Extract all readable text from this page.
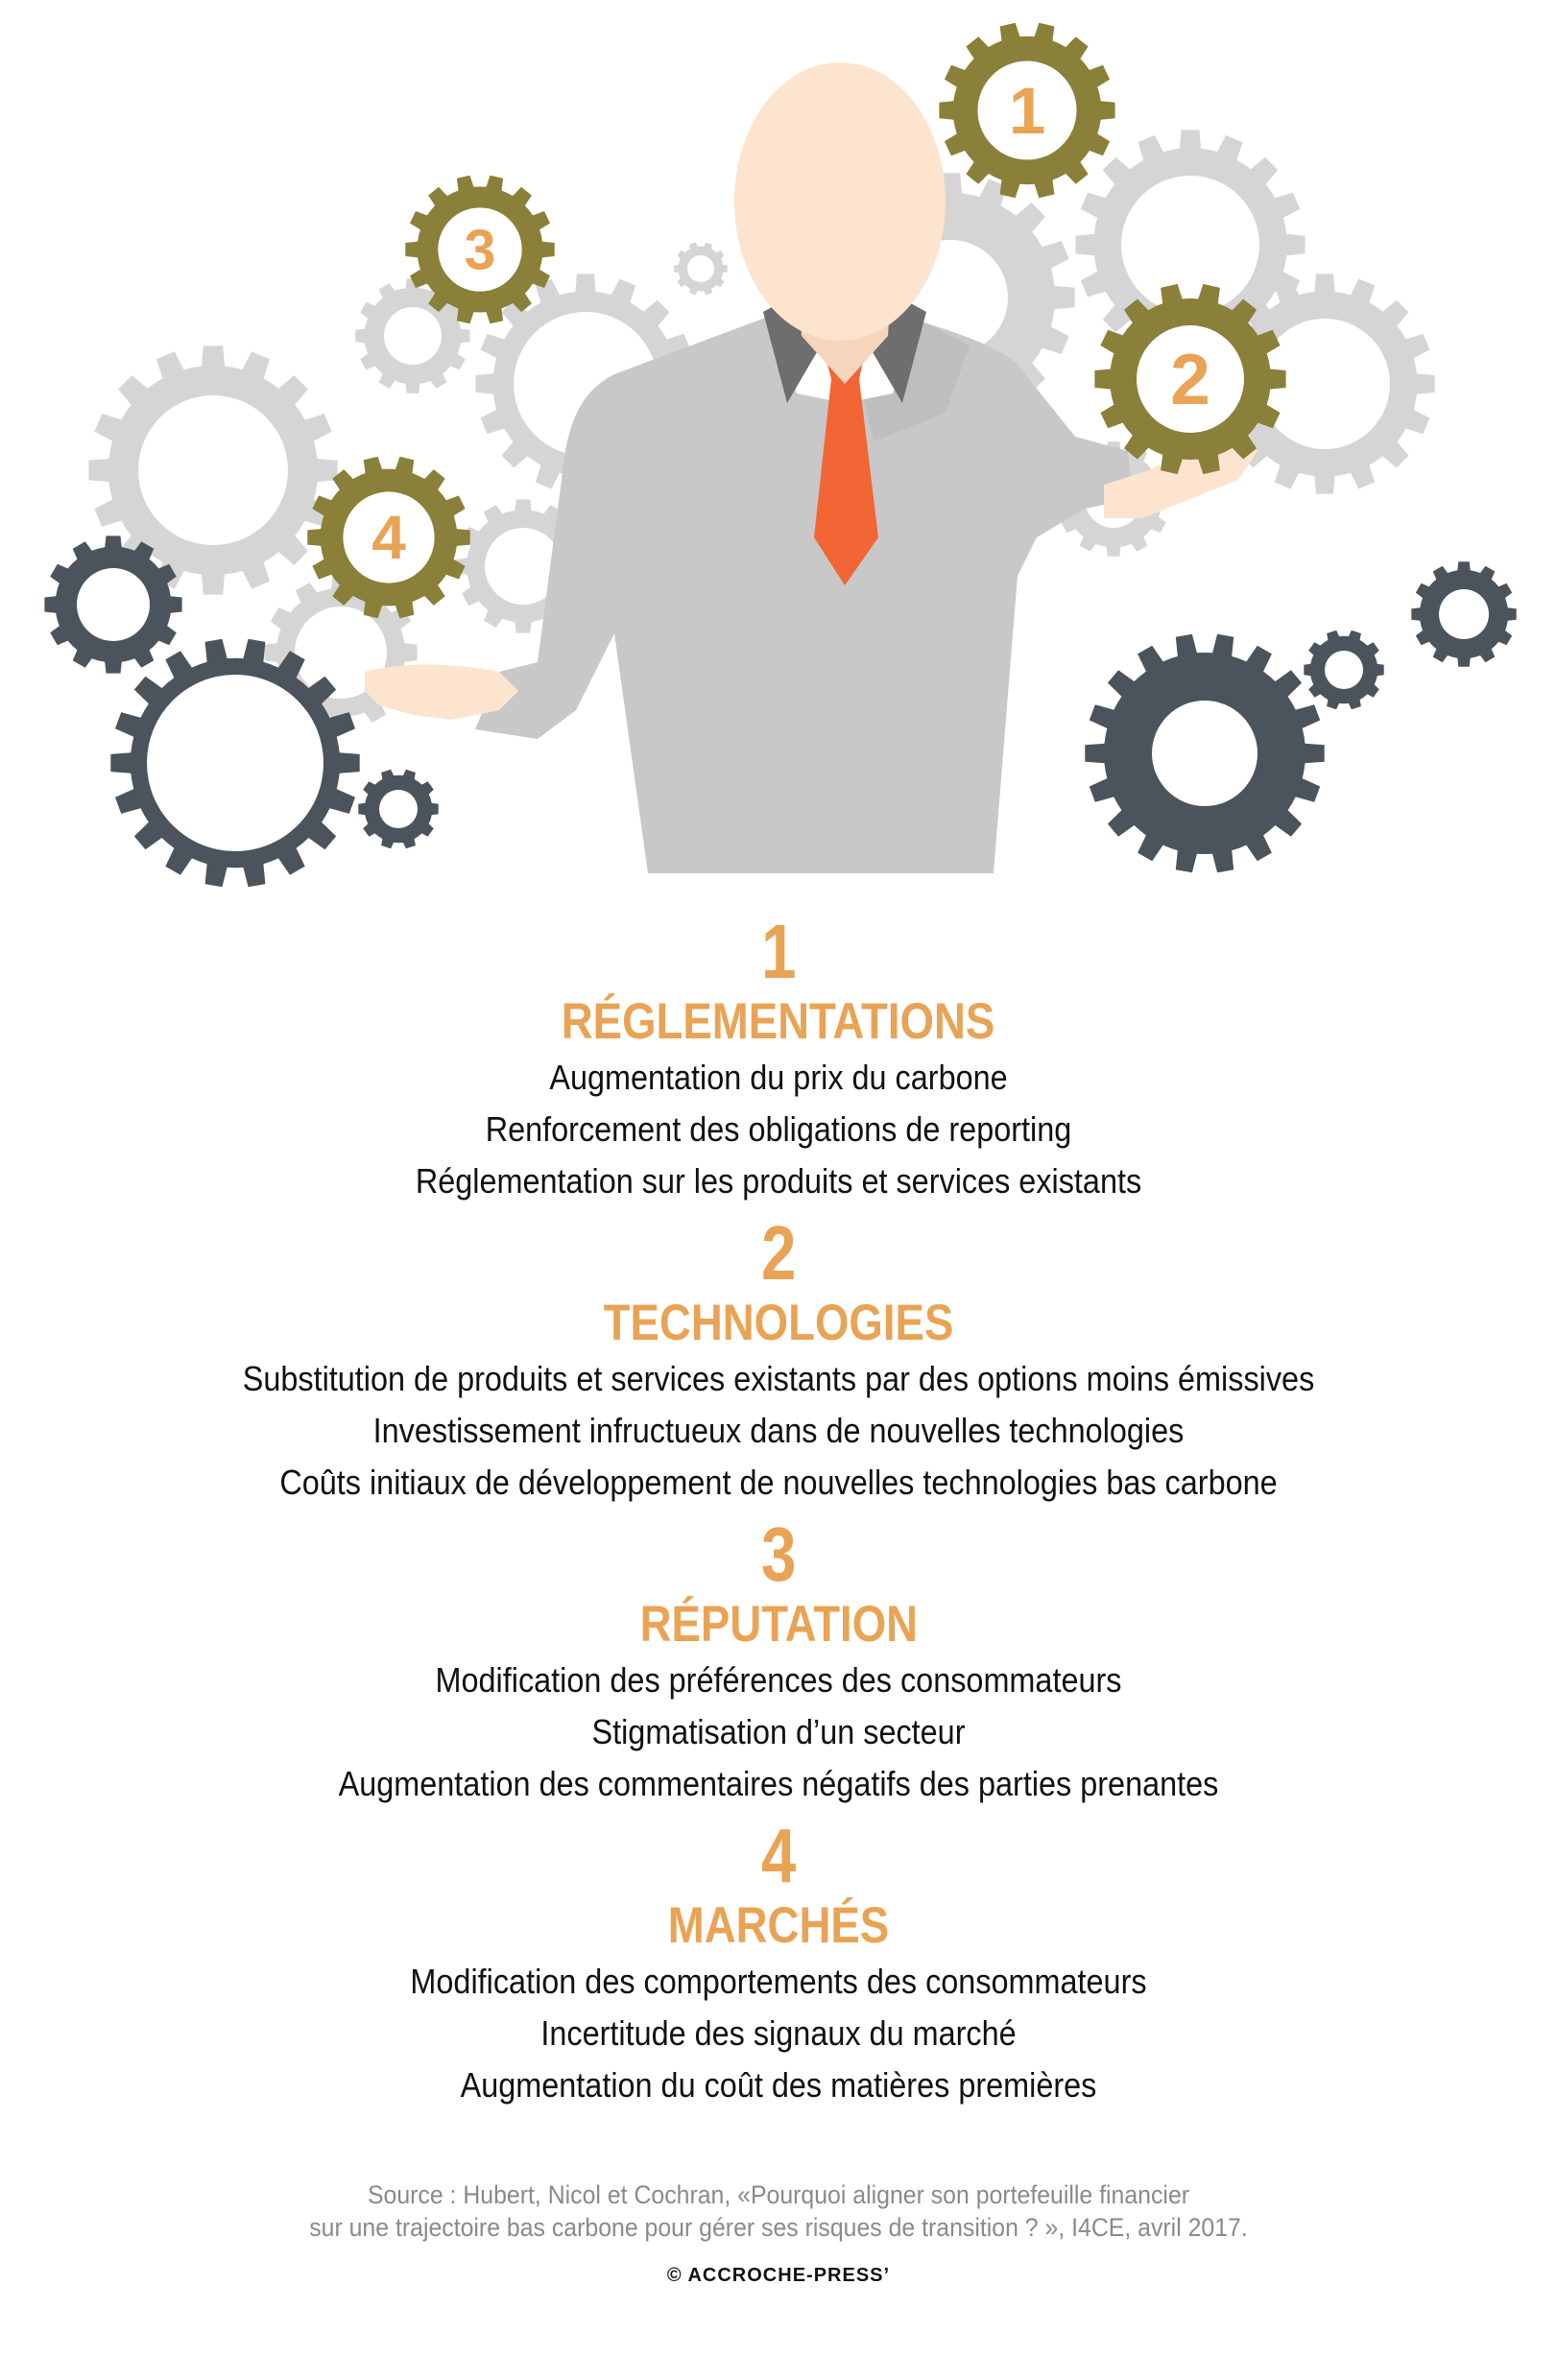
1
2
3
4
1
RÉGLEMENTATIONS
Augmentation du prix du carbone
Renforcement des obligations de reporting
Réglementation sur les produits et services existants
2
TECHNOLOGIES
Substitution de produits et services existants par des options moins émissives
Investissement infructueux dans de nouvelles technologies
Coûts initiaux de développement de nouvelles technologies bas carbone
3
RÉPUTATION
Modification des préférences des consommateurs
Stigmatisation d’un secteur
Augmentation des commentaires négatifs des parties prenantes
4
MARCHÉS
Modification des comportements des consommateurs
Incertitude des signaux du marché
Augmentation du coût des matières premières
Source : Hubert, Nicol et Cochran, «Pourquoi aligner son portefeuille financier
sur une trajectoire bas carbone pour gérer ses risques de transition ? », I4CE, avril 2017.
© ACCROCHE-PRESS’
